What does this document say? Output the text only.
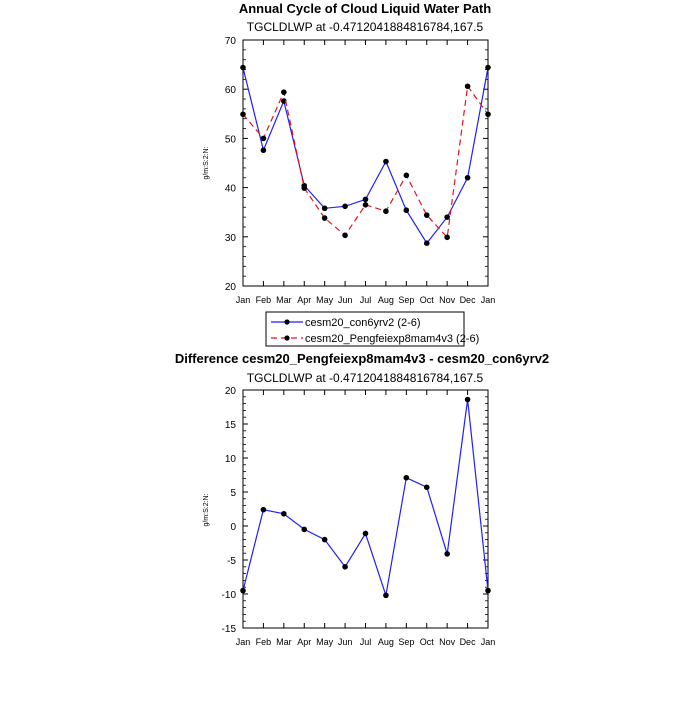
Annual Cycle of Cloud Liquid Water Path
TGCLDLWP at -0.4712041884816784,167.5
g/m:S:2:N:
Difference cesm20_Pengfeiexp8mam4v3 - cesm20_con6yrv2
TGCLDLWP at -0.4712041884816784,167.5
g/m:S:2:N:
cesm20_con6yrv2 (2-6)
cesm20_Pengfeiexp8mam4v3 (2-6)
20
30
40
50
60
70
Jan Feb Mar Apr May Jun Jul Aug Sep Oct Nov Dec Jan
-15
-10
-5
0
5
10
15
20
Jan Feb Mar Apr May Jun Jul Aug Sep Oct Nov Dec Jan
